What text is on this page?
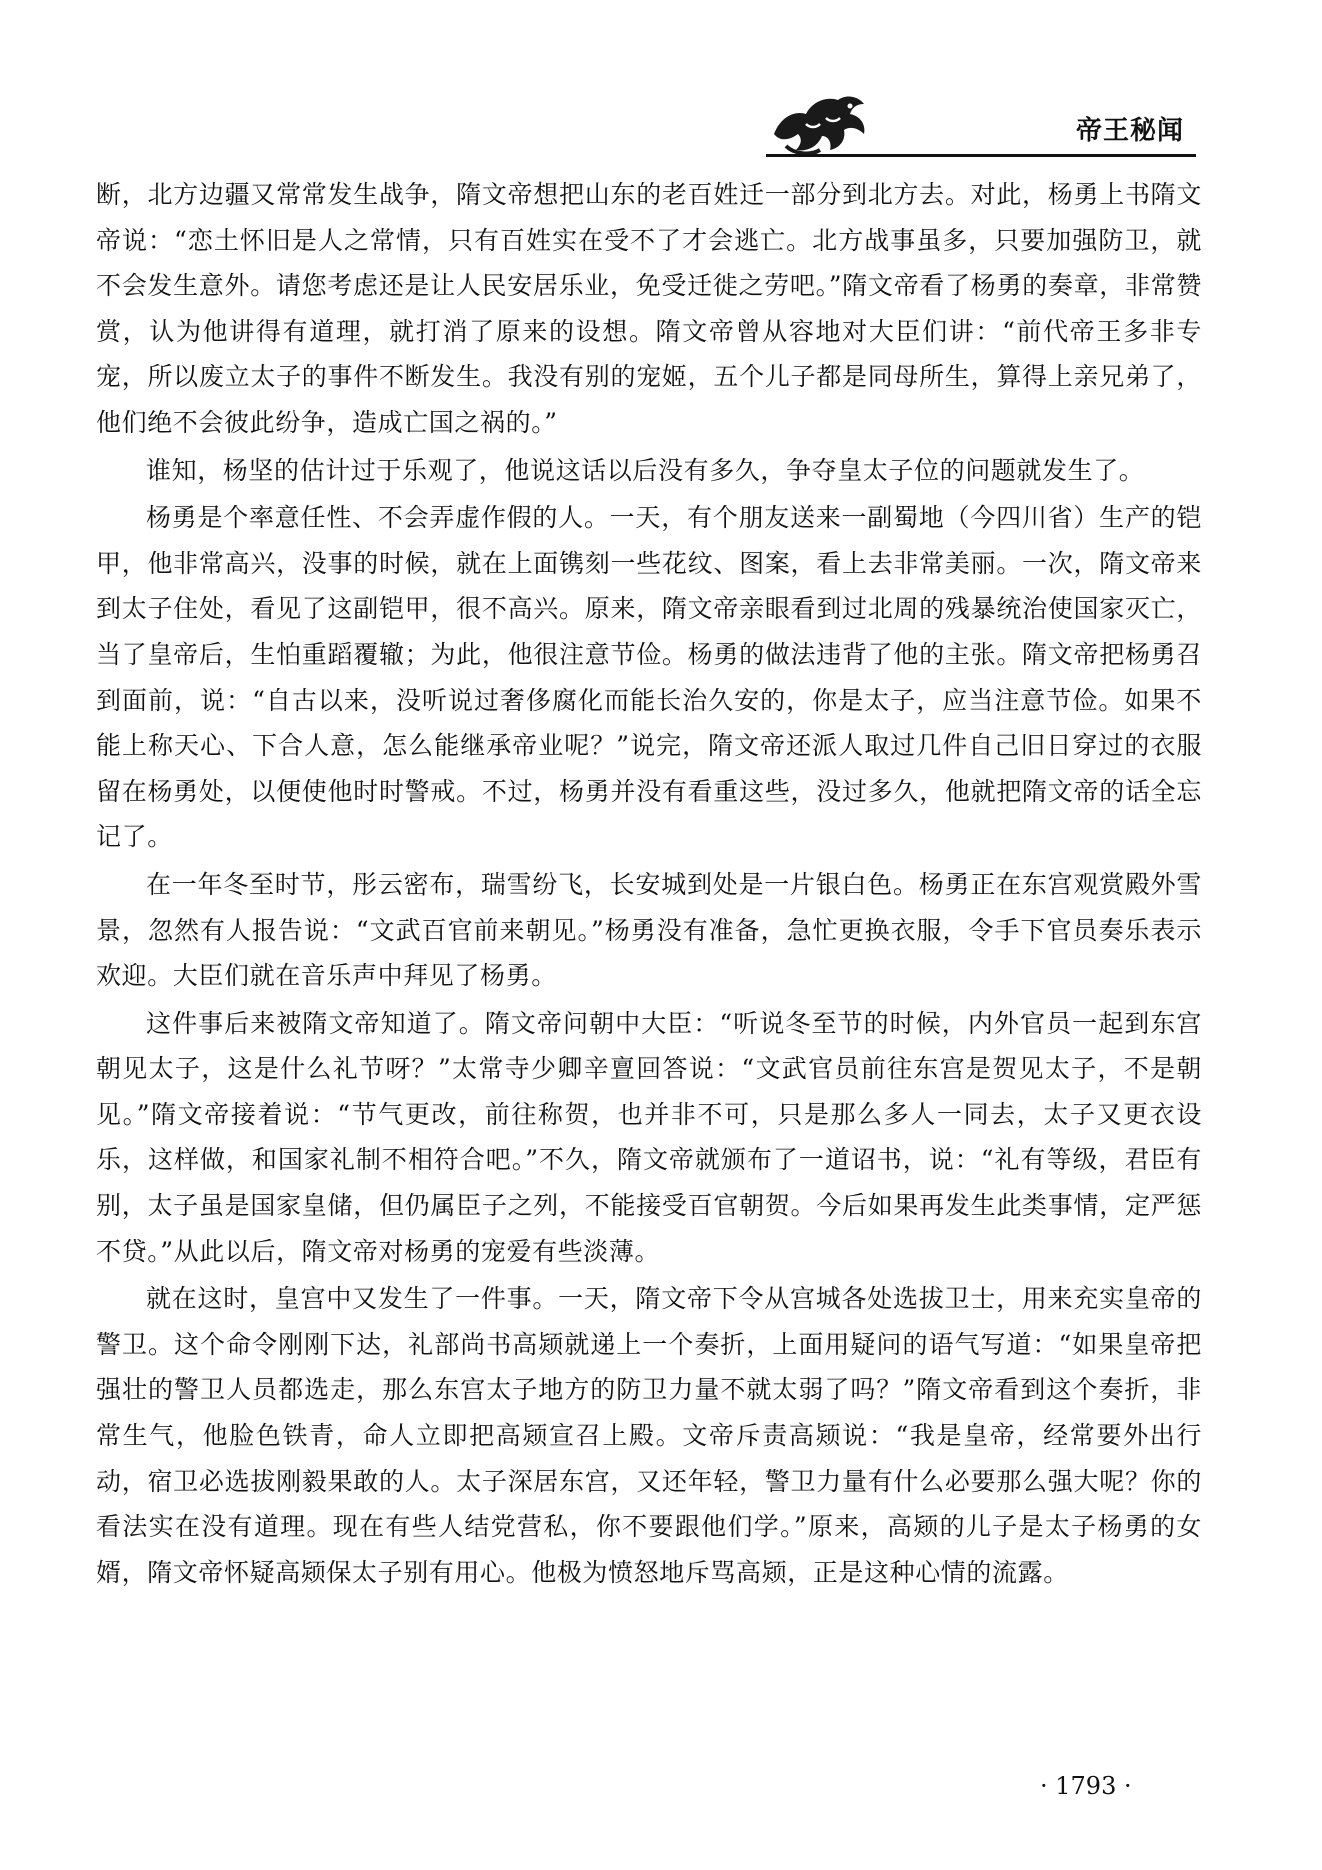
帝王秘闻

断，北方边疆又常常发生战争，隋文帝想把山东的老百姓迁一部分到北方去。对此，杨勇上书隋文帝说：“恋土怀旧是人之常情，只有百姓实在受不了才会逃亡。北方战事虽多，只要加强防卫，就不会发生意外。请您考虑还是让人民安居乐业，免受迁徙之劳吧。”隋文帝看了杨勇的奏章，非常赞赏，认为他讲得有道理，就打消了原来的设想。隋文帝曾从容地对大臣们讲：“前代帝王多非专宠，所以废立太子的事件不断发生。我没有别的宠姬，五个儿子都是同母所生，算得上亲兄弟了，他们绝不会彼此纷争，造成亡国之祸的。”

谁知，杨坚的估计过于乐观了，他说这话以后没有多久，争夺皇太子位的问题就发生了。

杨勇是个率意任性、不会弄虚作假的人。一天，有个朋友送来一副蜀地（今四川省）生产的铠甲，他非常高兴，没事的时候，就在上面镌刻一些花纹、图案，看上去非常美丽。一次，隋文帝来到太子住处，看见了这副铠甲，很不高兴。原来，隋文帝亲眼看到过北周的残暴统治使国家灭亡，当了皇帝后，生怕重蹈覆辙；为此，他很注意节俭。杨勇的做法违背了他的主张。隋文帝把杨勇召到面前，说：“自古以来，没听说过奢侈腐化而能长治久安的，你是太子，应当注意节俭。如果不能上称天心、下合人意，怎么能继承帝业呢？”说完，隋文帝还派人取过几件自己旧日穿过的衣服留在杨勇处，以便使他时时警戒。不过，杨勇并没有看重这些，没过多久，他就把隋文帝的话全忘记了。

在一年冬至时节，彤云密布，瑞雪纷飞，长安城到处是一片银白色。杨勇正在东宫观赏殿外雪景，忽然有人报告说：“文武百官前来朝见。”杨勇没有准备，急忙更换衣服，令手下官员奏乐表示欢迎。大臣们就在音乐声中拜见了杨勇。

这件事后来被隋文帝知道了。隋文帝问朝中大臣：“听说冬至节的时候，内外官员一起到东宫朝见太子，这是什么礼节呀？”太常寺少卿辛亶回答说：“文武官员前往东宫是贺见太子，不是朝见。”隋文帝接着说：“节气更改，前往称贺，也并非不可，只是那么多人一同去，太子又更衣设乐，这样做，和国家礼制不相符合吧。”不久，隋文帝就颁布了一道诏书，说：“礼有等级，君臣有别，太子虽是国家皇储，但仍属臣子之列，不能接受百官朝贺。今后如果再发生此类事情，定严惩不贷。”从此以后，隋文帝对杨勇的宠爱有些淡薄。

就在这时，皇宫中又发生了一件事。一天，隋文帝下令从宫城各处选拔卫士，用来充实皇帝的警卫。这个命令刚刚下达，礼部尚书高颎就递上一个奏折，上面用疑问的语气写道：“如果皇帝把强壮的警卫人员都选走，那么东宫太子地方的防卫力量不就太弱了吗？”隋文帝看到这个奏折，非常生气，他脸色铁青，命人立即把高颎宣召上殿。文帝斥责高颎说：“我是皇帝，经常要外出行动，宿卫必选拔刚毅果敢的人。太子深居东宫，又还年轻，警卫力量有什么必要那么强大呢？你的看法实在没有道理。现在有些人结党营私，你不要跟他们学。”原来，高颎的儿子是太子杨勇的女婿，隋文帝怀疑高颎保太子别有用心。他极为愤怒地斥骂高颎，正是这种心情的流露。

· 1793 ·
